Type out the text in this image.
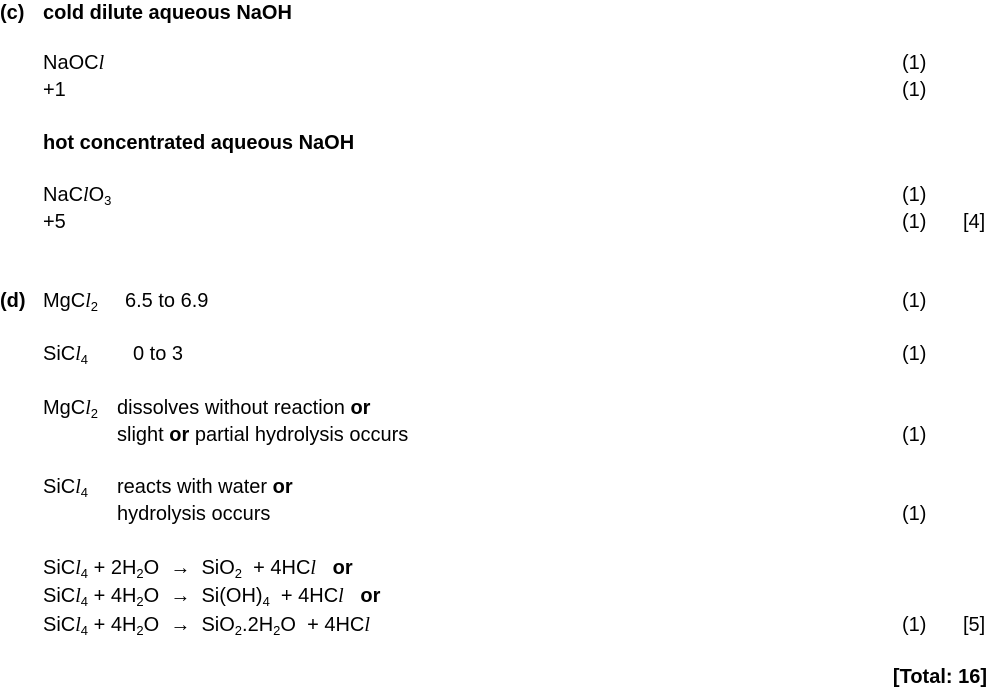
(c) cold dilute aqueous NaOH
NaOCl	(1)
+1	(1)
hot concentrated aqueous NaOH
NaClO$_3$	(1)
+5	(1) [4]
(d) MgCl$_2$ 6.5 to 6.9	(1)
SiCl$_4$ 0 to 3	(1)
MgCl$_2$ dissolves without reaction or
slight or partial hydrolysis occurs	(1)
SiCl$_4$ reacts with water or
hydrolysis occurs	(1)
SiCl$_4$ + $2H_2O \to SiO_2 + 4HCl$ or
SiCl$_4$ + $4H_2O \to Si(OH)_4 + 4HCl$ or
SiCl$_4$ + $4H_2O \to SiO_2.2H_2O + 4HCl$	(1) [5]
[Total: 16]
